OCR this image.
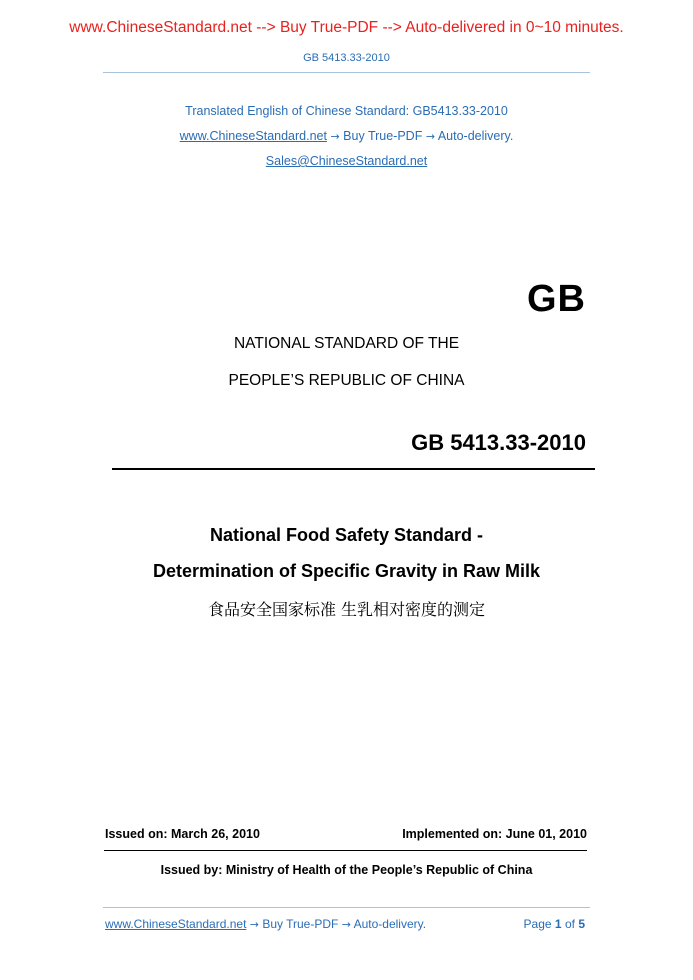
www.ChineseStandard.net --> Buy True-PDF --> Auto-delivered in 0~10 minutes.
GB 5413.33-2010
Translated English of Chinese Standard: GB5413.33-2010
www.ChineseStandard.net → Buy True-PDF → Auto-delivery.
Sales@ChineseStandard.net
GB
NATIONAL STANDARD OF THE
PEOPLE’S REPUBLIC OF CHINA
GB 5413.33-2010
National Food Safety Standard -
Determination of Specific Gravity in Raw Milk
食品安全国家标准 生乳相对密度的测定
Issued on: March 26, 2010	Implemented on: June 01, 2010
Issued by: Ministry of Health of the People’s Republic of China
www.ChineseStandard.net → Buy True-PDF → Auto-delivery.	Page 1 of 5
